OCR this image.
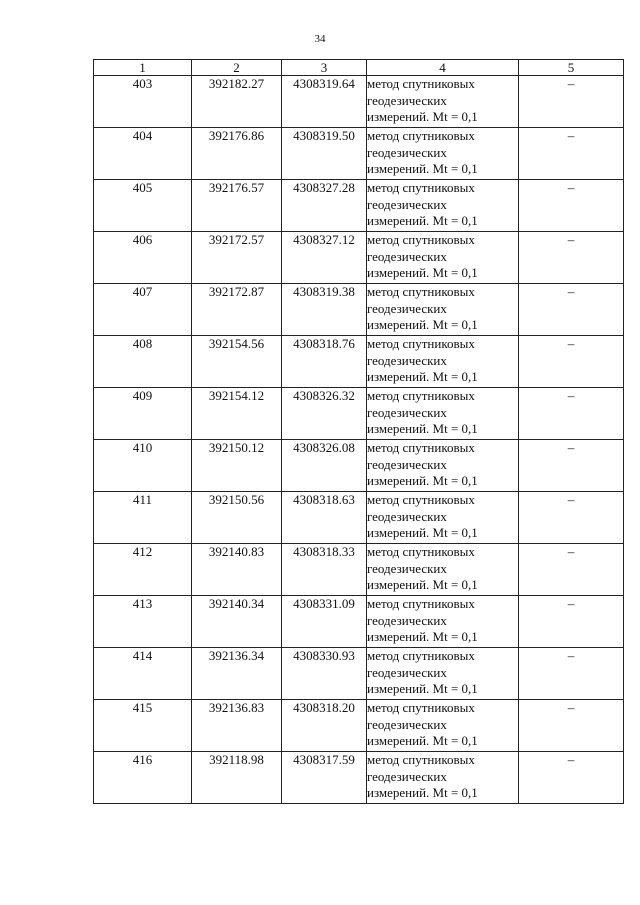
34
1	2	3	4	5
403	392182.27	4308319.64	метод спутниковых
геодезических
измерений. Mt = 0,1	–
404	392176.86	4308319.50	метод спутниковых
геодезических
измерений. Mt = 0,1	–
405	392176.57	4308327.28	метод спутниковых
геодезических
измерений. Mt = 0,1	–
406	392172.57	4308327.12	метод спутниковых
геодезических
измерений. Mt = 0,1	–
407	392172.87	4308319.38	метод спутниковых
геодезических
измерений. Mt = 0,1	–
408	392154.56	4308318.76	метод спутниковых
геодезических
измерений. Mt = 0,1	–
409	392154.12	4308326.32	метод спутниковых
геодезических
измерений. Mt = 0,1	–
410	392150.12	4308326.08	метод спутниковых
геодезических
измерений. Mt = 0,1	–
411	392150.56	4308318.63	метод спутниковых
геодезических
измерений. Mt = 0,1	–
412	392140.83	4308318.33	метод спутниковых
геодезических
измерений. Mt = 0,1	–
413	392140.34	4308331.09	метод спутниковых
геодезических
измерений. Mt = 0,1	–
414	392136.34	4308330.93	метод спутниковых
геодезических
измерений. Mt = 0,1	–
415	392136.83	4308318.20	метод спутниковых
геодезических
измерений. Mt = 0,1	–
416	392118.98	4308317.59	метод спутниковых
геодезических
измерений. Mt = 0,1	–
